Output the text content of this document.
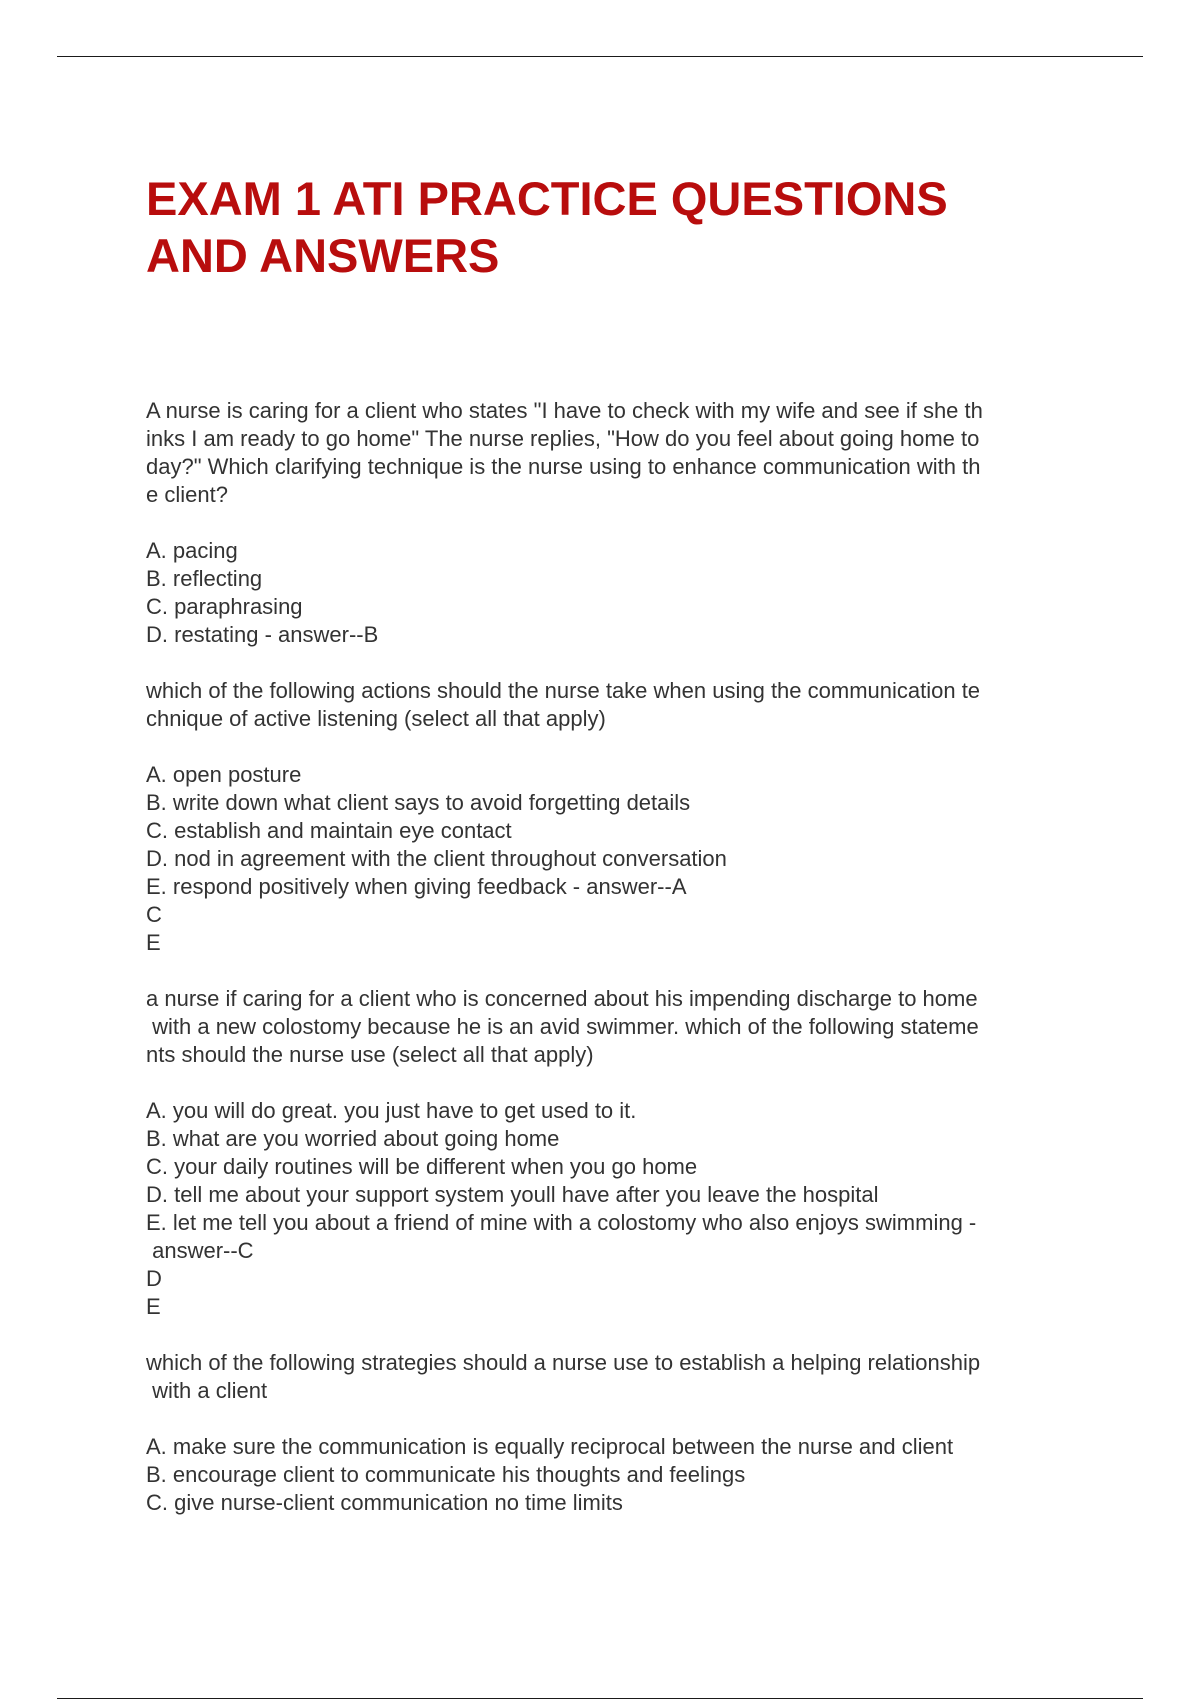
EXAM 1 ATI PRACTICE QUESTIONS
AND ANSWERS
A nurse is caring for a client who states "I have to check with my wife and see if she th
inks I am ready to go home" The nurse replies, "How do you feel about going home to
day?" Which clarifying technique is the nurse using to enhance communication with th
e client?
A. pacing
B. reflecting
C. paraphrasing
D. restating - answer--B
which of the following actions should the nurse take when using the communication te
chnique of active listening (select all that apply)
A. open posture
B. write down what client says to avoid forgetting details
C. establish and maintain eye contact
D. nod in agreement with the client throughout conversation
E. respond positively when giving feedback - answer--A
C
E
a nurse if caring for a client who is concerned about his impending discharge to home
with a new colostomy because he is an avid swimmer. which of the following stateme
nts should the nurse use (select all that apply)
A. you will do great. you just have to get used to it.
B. what are you worried about going home
C. your daily routines will be different when you go home
D. tell me about your support system youll have after you leave the hospital
E. let me tell you about a friend of mine with a colostomy who also enjoys swimming -
answer--C
D
E
which of the following strategies should a nurse use to establish a helping relationship
with a client
A. make sure the communication is equally reciprocal between the nurse and client
B. encourage client to communicate his thoughts and feelings
C. give nurse-client communication no time limits
